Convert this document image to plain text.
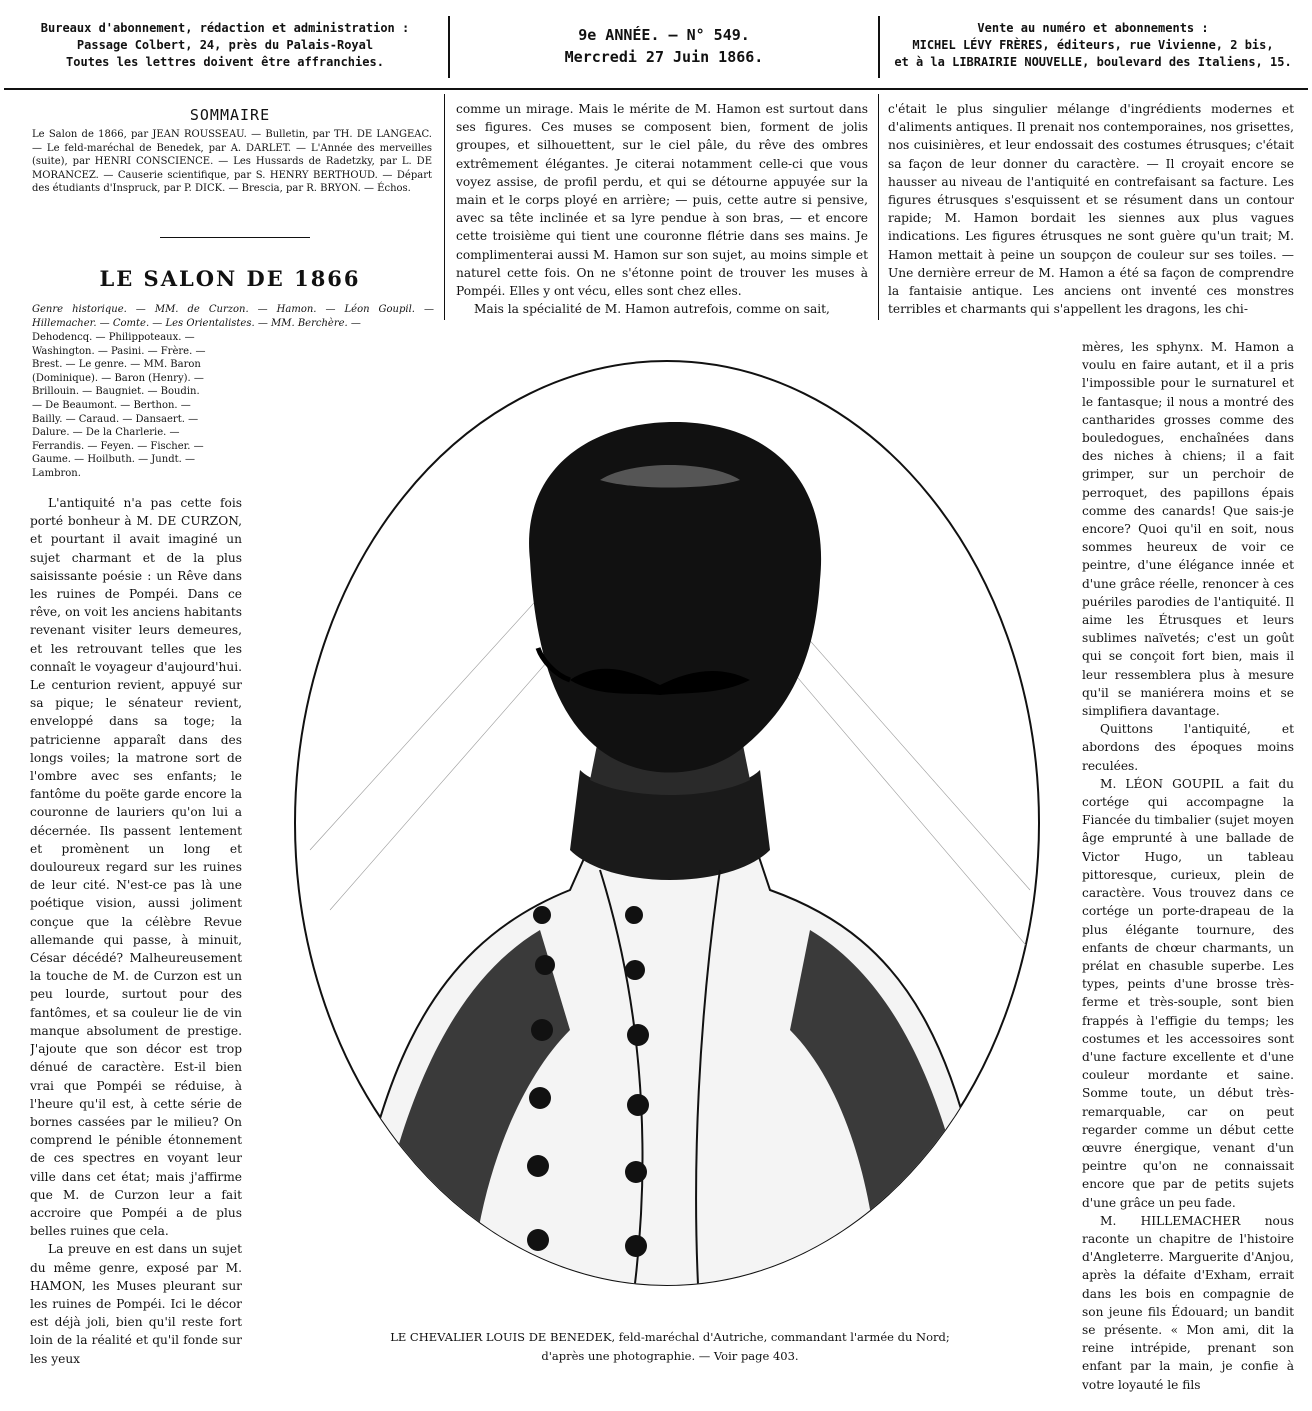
Bureaux d'abonnement, rédaction et administration :
Passage Colbert, 24, près du Palais-Royal
Toutes les lettres doivent être affranchies.
9e ANNÉE. — N° 549.
Mercredi 27 Juin 1866.
Vente au numéro et abonnements :
MICHEL LÉVY FRÈRES, éditeurs, rue Vivienne, 2 bis,
et à la LIBRAIRIE NOUVELLE, boulevard des Italiens, 15.
SOMMAIRE
Le Salon de 1866, par JEAN ROUSSEAU. — Bulletin, par TH. DE LANGEAC. — Le feld-maréchal de Benedek, par A. DARLET. — L'Année des merveilles (suite), par HENRI CONSCIENCE. — Les Hussards de Radetzky, par L. DE MORANCEZ. — Causerie scientifique, par S. HENRY BERTHOUD. — Départ des étudiants d'Inspruck, par P. DICK. — Brescia, par R. BRYON. — Échos.
LE SALON DE 1866
Genre historique. — MM. de Curzon. — Hamon. — Léon Goupil. — Hillemacher. — Comte. — Les Orientalistes. — MM. Berchère. —
Dehodencq. — Philippoteaux. —
Washington. — Pasini. — Frère. —
Brest. — Le genre. — MM. Baron
(Dominique). — Baron (Henry). —
Brillouin. — Baugniet. — Boudin.
— De Beaumont. — Berthon. —
Bailly. — Caraud. — Dansaert. —
Dalure. — De la Charlerie. —
Ferrandis. — Feyen. — Fischer. —
Gaume. — Hoilbuth. — Jundt. —
Lambron.

L'antiquité n'a pas cette fois porté bonheur à M. DE CURZON, et pourtant il avait imaginé un sujet charmant et de la plus saisissante poésie : un Rêve dans les ruines de Pompéi. Dans ce rêve, on voit les anciens habitants revenant visiter leurs demeures, et les retrouvant telles que les connaît le voyageur d'aujourd'hui. Le centurion revient, appuyé sur sa pique; le sénateur revient, enveloppé dans sa toge; la patricienne apparaît dans des longs voiles; la matrone sort de l'ombre avec ses enfants; le fantôme du poëte garde encore la couronne de lauriers qu'on lui a décernée. Ils passent lentement et promènent un long et douloureux regard sur les ruines de leur cité. N'est-ce pas là une poétique vision, aussi joliment conçue que la célèbre Revue allemande qui passe, à minuit, César décédé? Malheureusement la touche de M. de Curzon est un peu lourde, surtout pour des fantômes, et sa couleur lie de vin manque absolument de prestige. J'ajoute que son décor est trop dénué de caractère. Est-il bien vrai que Pompéi se réduise, à l'heure qu'il est, à cette série de bornes cassées par le milieu? On comprend le pénible étonnement de ces spectres en voyant leur ville dans cet état; mais j'affirme que M. de Curzon leur a fait accroire que Pompéi a de plus belles ruines que cela.

La preuve en est dans un sujet du même genre, exposé par M. HAMON, les Muses pleurant sur les ruines de Pompéi. Ici le décor est déjà joli, bien qu'il reste fort loin de la réalité et qu'il fonde sur les yeux

comme un mirage. Mais le mérite de M. Hamon est surtout dans ses figures. Ces muses se composent bien, forment de jolis groupes, et silhouettent, sur le ciel pâle, du rêve des ombres extrêmement élégantes. Je citerai notamment celle-ci que vous voyez assise, de profil perdu, et qui se détourne appuyée sur la main et le corps ployé en arrière; — puis, cette autre si pensive, avec sa tête inclinée et sa lyre pendue à son bras, — et encore cette troisième qui tient une couronne flétrie dans ses mains. Je complimenterai aussi M. Hamon sur son sujet, au moins simple et naturel cette fois. On ne s'étonne point de trouver les muses à Pompéi. Elles y ont vécu, elles sont chez elles.

Mais la spécialité de M. Hamon autrefois, comme on sait,

c'était le plus singulier mélange d'ingrédients modernes et d'aliments antiques. Il prenait nos contemporaines, nos grisettes, nos cuisinières, et leur endossait des costumes étrusques; c'était sa façon de leur donner du caractère. — Il croyait encore se hausser au niveau de l'antiquité en contrefaisant sa facture. Les figures étrusques s'esquissent et se résument dans un contour rapide; M. Hamon bordait les siennes aux plus vagues indications. Les figures étrusques ne sont guère qu'un trait; M. Hamon mettait à peine un soupçon de couleur sur ses toiles. — Une dernière erreur de M. Hamon a été sa façon de comprendre la fantaisie antique. Les anciens ont inventé ces monstres terribles et charmants qui s'appellent les dragons, les chi-

mères, les sphynx. M. Hamon a voulu en faire autant, et il a pris l'impossible pour le surnaturel et le fantasque; il nous a montré des cantharides grosses comme des bouledogues, enchaînées dans des niches à chiens; il a fait grimper, sur un perchoir de perroquet, des papillons épais comme des canards! Que sais-je encore? Quoi qu'il en soit, nous sommes heureux de voir ce peintre, d'une élégance innée et d'une grâce réelle, renoncer à ces puériles parodies de l'antiquité. Il aime les Étrusques et leurs sublimes naïvetés; c'est un goût qui se conçoit fort bien, mais il leur ressemblera plus à mesure qu'il se maniérera moins et se simplifiera davantage.

Quittons l'antiquité, et abordons des époques moins reculées.

M. LÉON GOUPIL a fait du cortége qui accompagne la Fiancée du timbalier (sujet moyen âge emprunté à une ballade de Victor Hugo, un tableau pittoresque, curieux, plein de caractère. Vous trouvez dans ce cortége un porte-drapeau de la plus élégante tournure, des enfants de chœur charmants, un prélat en chasuble superbe. Les types, peints d'une brosse très-ferme et très-souple, sont bien frappés à l'effigie du temps; les costumes et les accessoires sont d'une facture excellente et d'une couleur mordante et saine. Somme toute, un début très-remarquable, car on peut regarder comme un début cette œuvre énergique, venant d'un peintre qu'on ne connaissait encore que par de petits sujets d'une grâce un peu fade.

M. HILLEMACHER nous raconte un chapitre de l'histoire d'Angleterre. Marguerite d'Anjou, après la défaite d'Exham, errait dans les bois en compagnie de son jeune fils Édouard; un bandit se présente. « Mon ami, dit la reine intrépide, prenant son enfant par la main, je confie à votre loyauté le fils

LE CHEVALIER LOUIS DE BENEDEK, feld-maréchal d'Autriche, commandant l'armée du Nord;
d'après une photographie. — Voir page 403.
